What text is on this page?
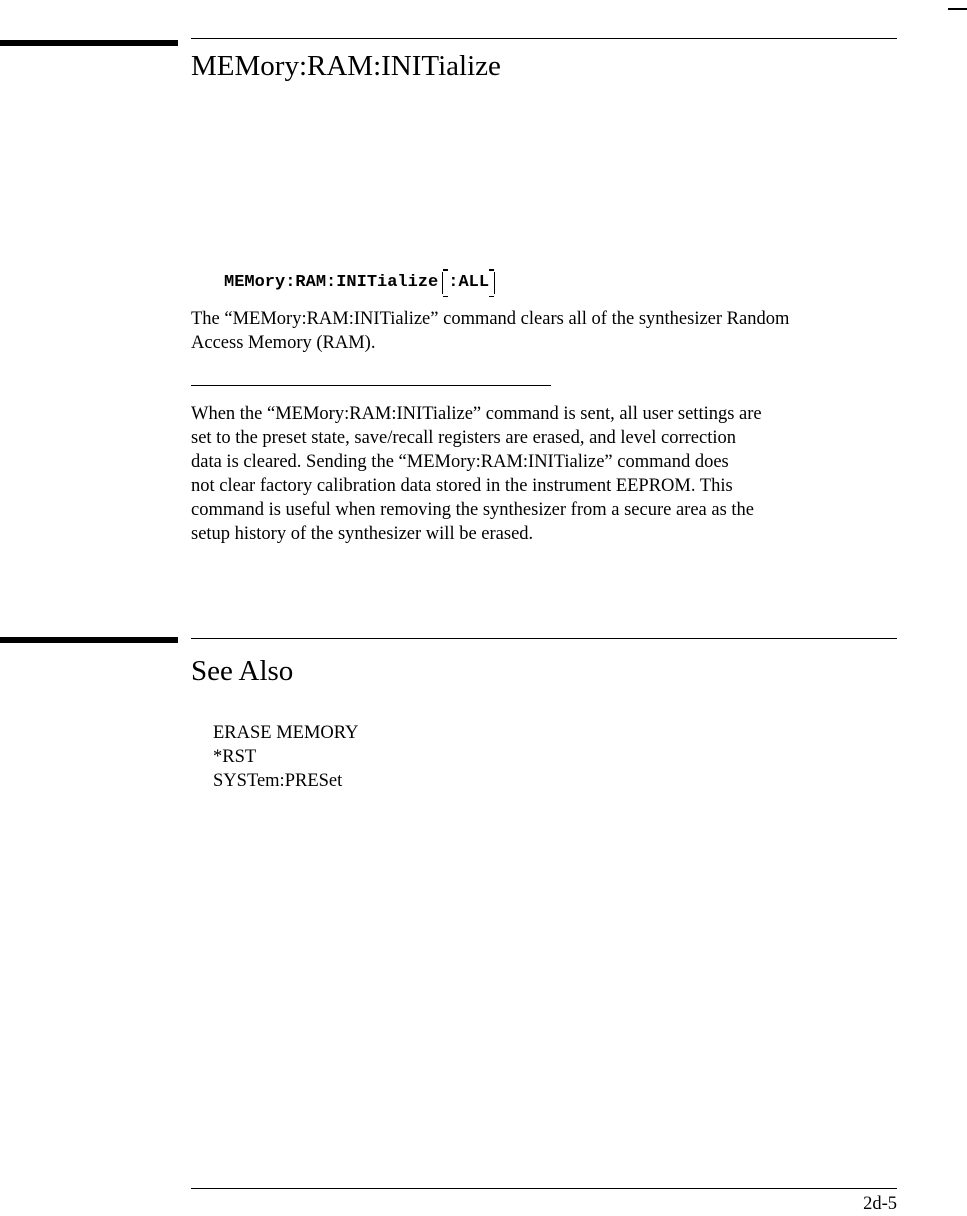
MEMory:RAM:INITialize
MEMory:RAM:INITialize :ALL
The “MEMory:RAM:INITialize” command clears all of the synthesizer Random
Access Memory (RAM).
When the “MEMory:RAM:INITialize” command is sent, all user settings are
set to the preset state, save/recall registers are erased, and level correction
data is cleared. Sending the “MEMory:RAM:INITialize” command does
not clear factory calibration data stored in the instrument EEPROM. This
command is useful when removing the synthesizer from a secure area as the
setup history of the synthesizer will be erased.
See Also
ERASE MEMORY
*RST
SYSTem:PRESet
2d-5
